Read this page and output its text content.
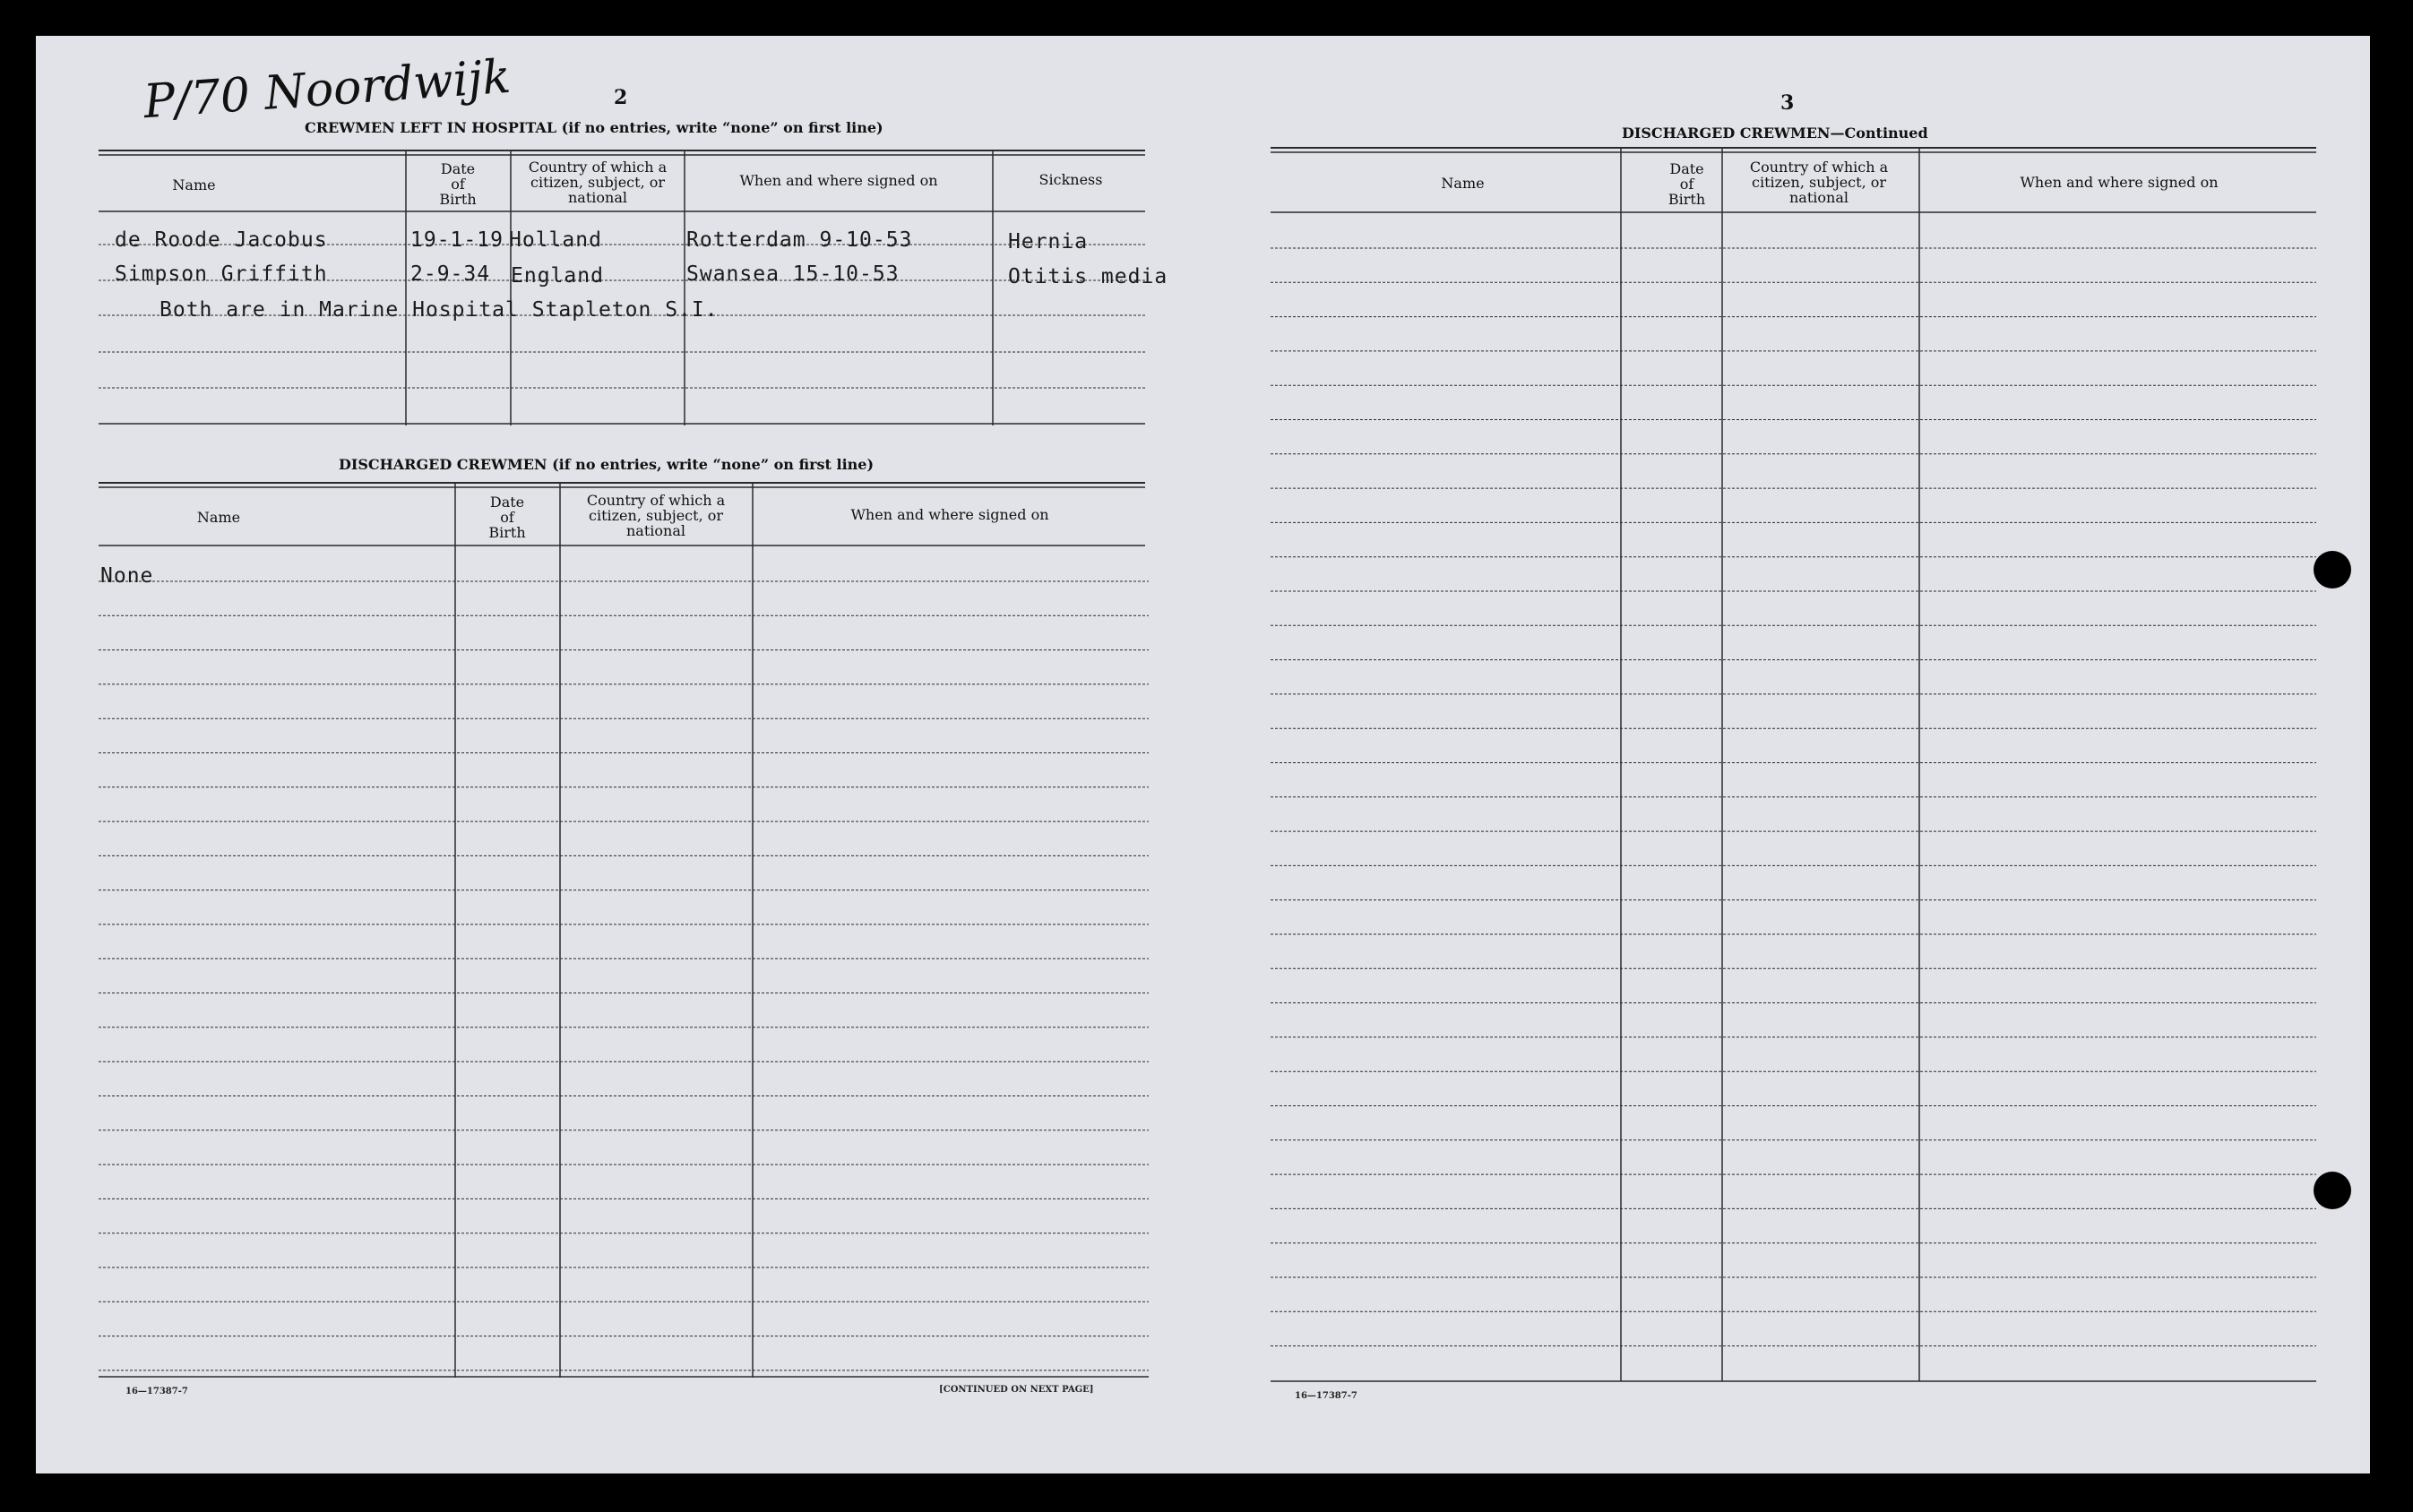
P/70 Noordwijk	2
CREWMEN LEFT IN HOSPITAL (if no entries, write “none” on first line)
Name
Date
of
Birth
Country of which a
citizen, subject, or
national
When and where signed on	Sickness
de Roode Jacobus	19-1-19 Holland	Rotterdam 9-10-53	Hernia
Simpson Griffith	2-9-34 England	Swansea 15-10-53	Otitis media
Both are in Marine Hospital Stapleton S.I.
DISCHARGED CREWMEN (if no entries, write “none” on first line)
Name
Date
of
Birth
Country of which a
citizen, subject, or
national
When and where signed on
None
16—17387-7	[CONTINUED ON NEXT PAGE]
3
DISCHARGED CREWMEN—Continued
Name
Date
of
Birth
Country of which a
citizen, subject, or
national
When and where signed on
16—17387-7
